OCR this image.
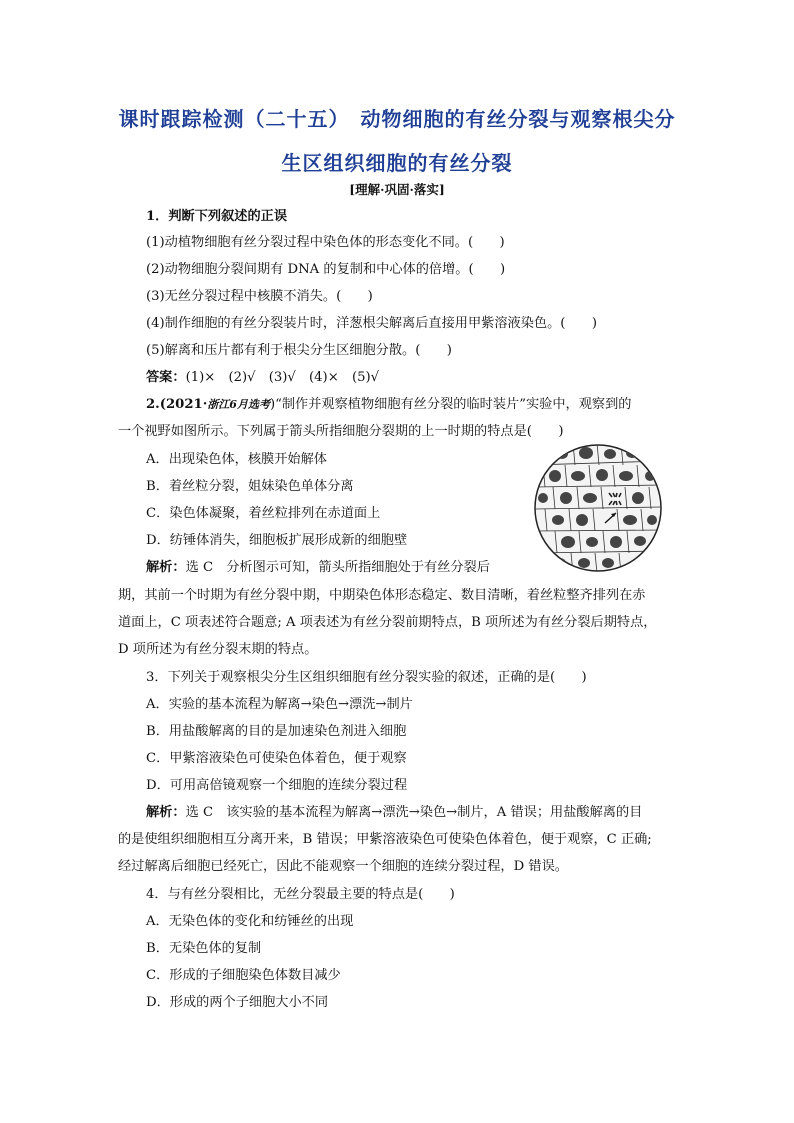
课时跟踪检测（二十五）　动物细胞的有丝分裂与观察根尖分
生区组织细胞的有丝分裂
[理解·巩固·落实]
1．判断下列叙述的正误
(1)动植物细胞有丝分裂过程中染色体的形态变化不同。(　　)
(2)动物细胞分裂间期有 DNA 的复制和中心体的倍增。(　　)
(3)无丝分裂过程中核膜不消失。(　　)
(4)制作细胞的有丝分裂装片时，洋葱根尖解离后直接用甲紫溶液染色。(　　)
(5)解离和压片都有利于根尖分生区细胞分散。(　　)
答案：(1)×　(2)√　(3)√　(4)×　(5)√
2.(2021·浙江6月选考)“制作并观察植物细胞有丝分裂的临时装片”实验中，观察到的
一个视野如图所示。下列属于箭头所指细胞分裂期的上一时期的特点是(　　)
A．出现染色体，核膜开始解体
B．着丝粒分裂，姐妹染色单体分离
C．染色体凝聚，着丝粒排列在赤道面上
D．纺锤体消失，细胞板扩展形成新的细胞壁
解析：选 C　分析图示可知，箭头所指细胞处于有丝分裂后
期，其前一个时期为有丝分裂中期，中期染色体形态稳定、数目清晰，着丝粒整齐排列在赤
道面上，C 项表述符合题意; A 项表述为有丝分裂前期特点，B 项所述为有丝分裂后期特点，
D 项所述为有丝分裂末期的特点。
3．下列关于观察根尖分生区组织细胞有丝分裂实验的叙述，正确的是(　　)
A．实验的基本流程为解离→染色→漂洗→制片
B．用盐酸解离的目的是加速染色剂进入细胞
C．甲紫溶液染色可使染色体着色，便于观察
D．可用高倍镜观察一个细胞的连续分裂过程
解析：选 C　该实验的基本流程为解离→漂洗→染色→制片，A 错误；用盐酸解离的目
的是使组织细胞相互分离开来，B 错误；甲紫溶液染色可使染色体着色，便于观察，C 正确;
经过解离后细胞已经死亡，因此不能观察一个细胞的连续分裂过程，D 错误。
4．与有丝分裂相比，无丝分裂最主要的特点是(　　)
A．无染色体的变化和纺锤丝的出现
B．无染色体的复制
C．形成的子细胞染色体数目减少
D．形成的两个子细胞大小不同
